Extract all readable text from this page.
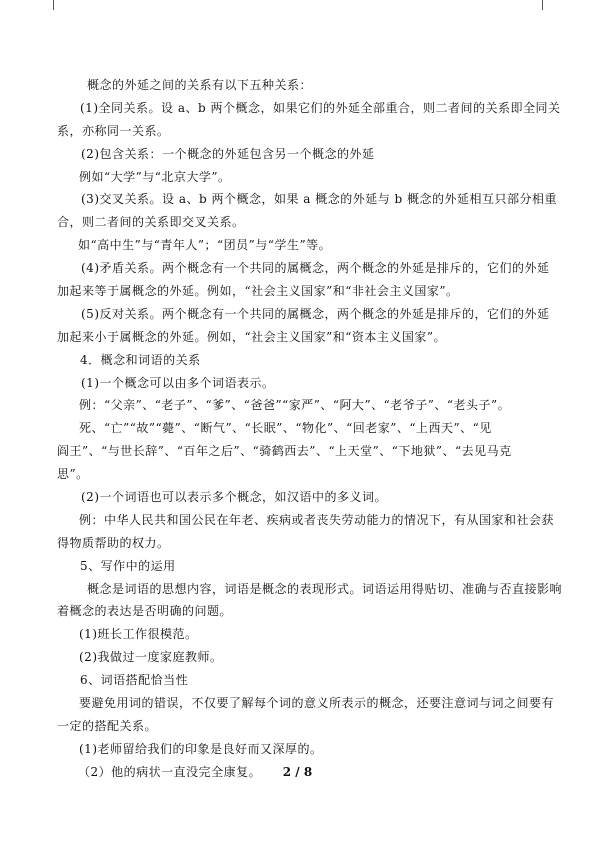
概念的外延之间的关系有以下五种关系：
(1)全同关系。设 a、b 两个概念，如果它们的外延全部重合，则二者间的关系即全同关
系，亦称同一关系。
(2)包含关系：一个概念的外延包含另一个概念的外延
例如“大学”与“北京大学”。
(3)交叉关系。设 a、b 两个概念，如果 a 概念的外延与 b 概念的外延相互只部分相重
合，则二者间的关系即交叉关系。
如“高中生”与“青年人”；“团员”与“学生”等。
(4)矛盾关系。两个概念有一个共同的属概念，两个概念的外延是排斥的，它们的外延
加起来等于属概念的外延。例如，“社会主义国家”和“非社会主义国家”。
(5)反对关系。两个概念有一个共同的属概念，两个概念的外延是排斥的，它们的外延
加起来小于属概念的外延。例如，“社会主义国家”和“资本主义国家”。
4．概念和词语的关系
(1)一个概念可以由多个词语表示。
例：“父亲”、“老子”、“爹”、“爸爸”“家严”、“阿大”、“老爷子”、“老头子”。
死、“亡”“故”“薨”、“断气”、“长眠”、“物化”、“回老家”、“上西天”、“见
阎王”、“与世长辞”、“百年之后”、“骑鹤西去”、“上天堂”、“下地狱”、“去见马克
思”。
(2)一个词语也可以表示多个概念，如汉语中的多义词。
例：中华人民共和国公民在年老、疾病或者丧失劳动能力的情况下，有从国家和社会获
得物质帮助的权力。
5、写作中的运用
概念是词语的思想内容，词语是概念的表现形式。词语运用得贴切、准确与否直接影响
着概念的表达是否明确的问题。
(1)班长工作很模范。
(2)我做过一度家庭教师。
6、词语搭配恰当性
要避免用词的错误，不仅要了解每个词的意义所表示的概念，还要注意词与词之间要有
一定的搭配关系。
(1)老师留给我们的印象是良好而又深厚的。
（2）他的病状一直没完全康复。	2 / 8
